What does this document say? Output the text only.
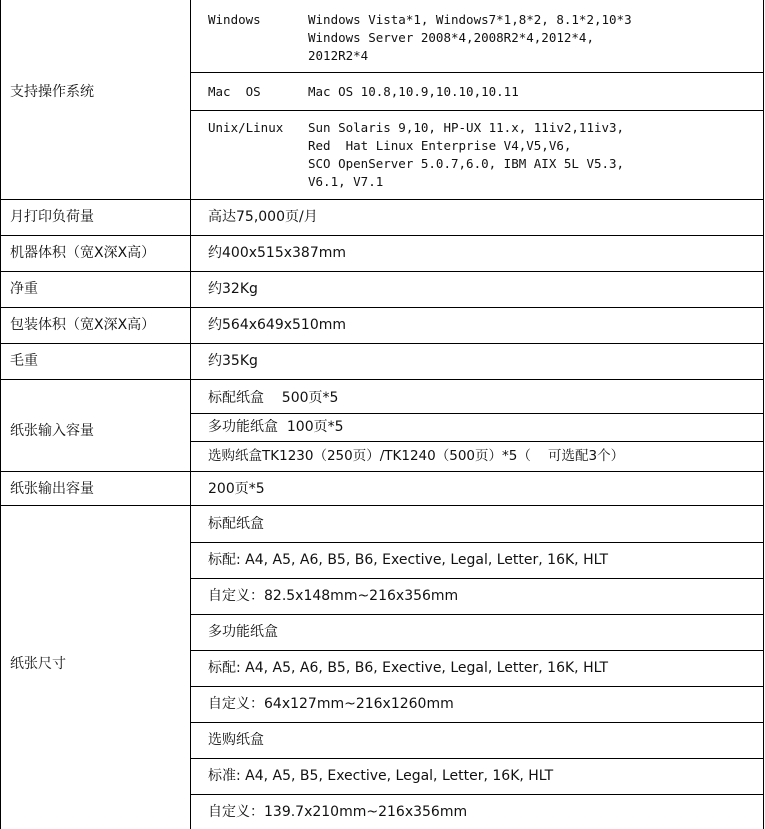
支持操作系统
月打印负荷量
机器体积（宽X深X高）
净重
包装体积（宽X深X高）
毛重
纸张输入容量
纸张输出容量
纸张尺寸
Windows	Windows Vista*1, Windows7*1,8*2, 8.1*2,10*3
Windows Server 2008*4,2008R2*4,2012*4,
2012R2*4
Mac  OS	Mac OS 10.8,10.9,10.10,10.11
Unix/Linux Sun Solaris 9,10, HP-UX 11.x, 11iv2,11iv3,
Red  Hat Linux Enterprise V4,V5,V6,
SCO OpenServer 5.0.7,6.0, IBM AIX 5L V5.3,
V6.1, V7.1
高达75,000页/月
约400x515x387mm
约32Kg
约564x649x510mm
约35Kg
标配纸盒    500页*5
多功能纸盒  100页*5
选购纸盒TK1230（250页）/TK1240（500页）*5（    可选配3个）
200页*5
标配纸盒
标配: A4, A5, A6, B5, B6, Exective, Legal, Letter, 16K, HLT
自定义：82.5x148mm~216x356mm
多功能纸盒
标配: A4, A5, A6, B5, B6, Exective, Legal, Letter, 16K, HLT
自定义：64x127mm~216x1260mm
选购纸盒
标准: A4, A5, B5, Exective, Legal, Letter, 16K, HLT
自定义：139.7x210mm~216x356mm
